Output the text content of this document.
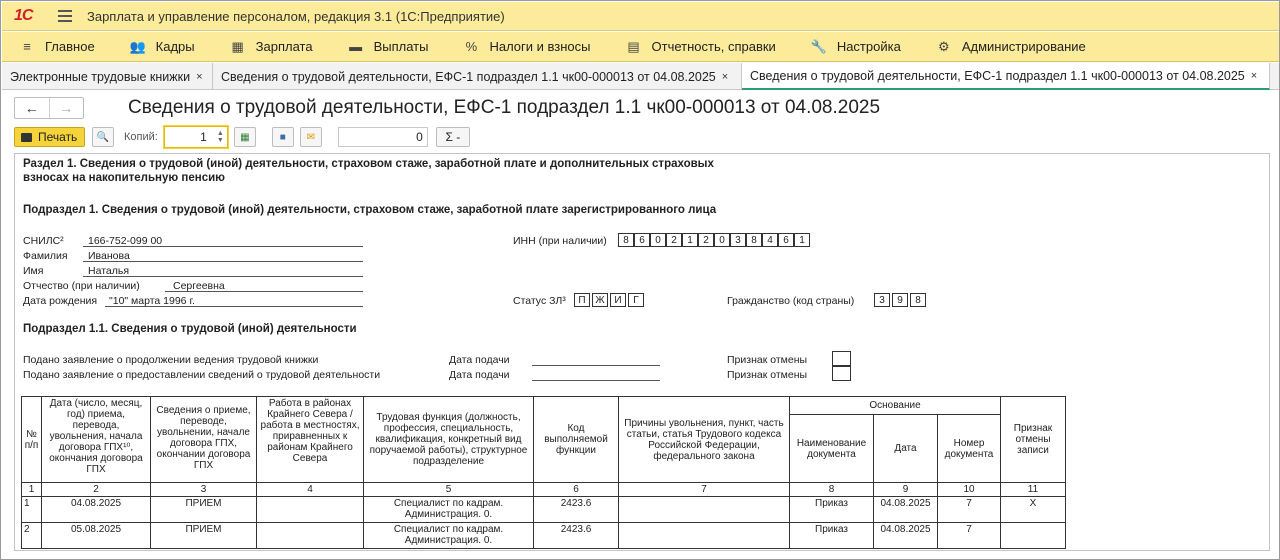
1С	Зарплата и управление персоналом, редакция 3.1 (1С:Предприятие)
≡	Главное	👥 Кадры	▦ Зарплата	▬ Выплаты	% Налоги и взносы	▤ Отчетность, справки	🔧 Настройка	⚙ Администрирование
Электронные трудовые книжки × Сведения о трудовой деятельности, ЕФС-1 подраздел 1.1 чк00-000013 от 04.08.2025 × Сведения о трудовой деятельности, ЕФС-1 подраздел 1.1 чк00-000013 от 04.08.2025 ×
←	→	Сведения о трудовой деятельности, ЕФС-1 подраздел 1.1 чк00-000013 от 04.08.2025
Печать 🔍 Копий:	1 ▲
▼ ▦	■ ✉	0	Σ -
Раздел 1. Сведения о трудовой (иной) деятельности, страховом стаже, заработной плате и дополнительных страховых
взносах на накопительную пенсию
Подраздел 1. Сведения о трудовой (иной) деятельности, страховом стаже, заработной плате зарегистрированного лица
СНИЛС² 166-752-099 00
Фамилия Иванова
Имя	Наталья
Отчество (при наличии)	Сергеевна
Дата рождения "10" марта 1996 г.
ИНН (при наличии)	8	6	0	2	1	2	0	3	8	4	6	1
Статус ЗЛ³	П Ж И	Г	Гражданство (код страны)	3	9	8
Подраздел 1.1. Сведения о трудовой (иной) деятельности
Подано заявление о продолжении ведения трудовой книжки	Дата подачи	Признак отмены
Подано заявление о предоставлении сведений о трудовой деятельности	Дата подачи	Признак отмены
№ п/п	Дата (число, месяц, год) приема, перевода, увольнения, начала договора ГПХ¹⁰, окончания договора ГПХ	Сведения о приеме, переводе, увольнении, начале договора ГПХ, окончании договора ГПХ	Работа в районах Крайнего Севера / работа в местностях, приравненных к районам Крайнего Севера	Трудовая функция (должность, профессия, специальность, квалификация, конкретный вид поручаемой работы), структурное подразделение	Код выполняемой функции	Причины увольнения, пункт, часть статьи, статья Трудового кодекса Российской Федерации, федерального закона	Основание			Признак отмены записи
							Наименование документа	Дата	Номер документа	
1	2	3	4	5	6	7	8	9	10	11
1	04.08.2025	ПРИЕМ		Специалист по кадрам.
Администрация. 0.	2423.6		Приказ	04.08.2025	7	X
2	05.08.2025	ПРИЕМ		Специалист по кадрам.
Администрация. 0.	2423.6		Приказ	04.08.2025	7	
